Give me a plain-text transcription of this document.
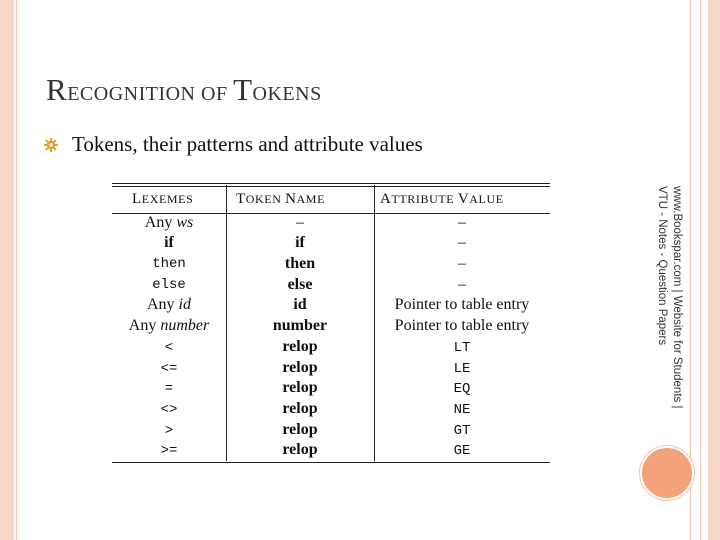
RECOGNITION OF TOKENS
Tokens, their patterns and attribute values
www.Bookspar.com | Website for Students |
VTU - Notes - Question Papers
LEXEMES	TOKEN NAME	ATTRIBUTE VALUE
Any ws	–	–
if	if	–
then	then	–
else	else	–
Any id	id	Pointer to table entry
Any number	number	Pointer to table entry
<	relop	LT
<=	relop	LE
=	relop	EQ
<>	relop	NE
>	relop	GT
>=	relop	GE
